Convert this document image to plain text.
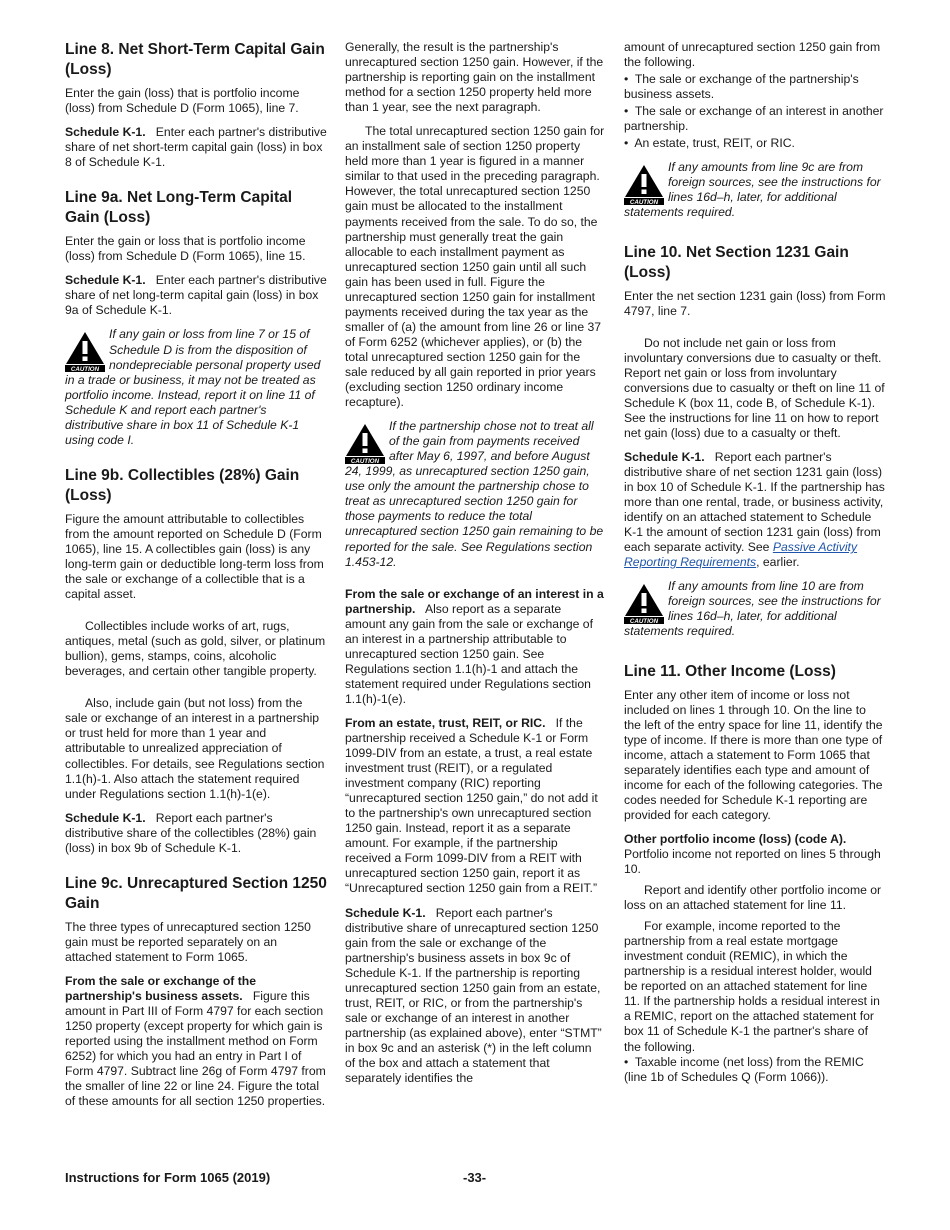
Line 8. Net Short-Term Capital Gain (Loss)

Enter the gain (loss) that is portfolio income (loss) from Schedule D (Form 1065), line 7.

Schedule K-1. Enter each partner's distributive share of net short-term capital gain (loss) in box 8 of Schedule K-1.

Line 9a. Net Long-Term Capital Gain (Loss)

Enter the gain or loss that is portfolio income (loss) from Schedule D (Form 1065), line 15.

Schedule K-1. Enter each partner's distributive share of net long-term capital gain (loss) in box 9a of Schedule K-1.

CAUTION
If any gain or loss from line 7 or 15 of Schedule D is from the disposition of nondepreciable personal property used in a trade or business, it may not be treated as portfolio income. Instead, report it on line 11 of Schedule K and report each partner's distributive share in box 11 of Schedule K-1 using code I.
Line 9b. Collectibles (28%) Gain (Loss)

Figure the amount attributable to collectibles from the amount reported on Schedule D (Form 1065), line 15. A collectibles gain (loss) is any long-term gain or deductible long-term loss from the sale or exchange of a collectible that is a capital asset.

Collectibles include works of art, rugs, antiques, metal (such as gold, silver, or platinum bullion), gems, stamps, coins, alcoholic beverages, and certain other tangible property.

Also, include gain (but not loss) from the sale or exchange of an interest in a partnership or trust held for more than 1 year and attributable to unrealized appreciation of collectibles. For details, see Regulations section 1.1(h)-1. Also attach the statement required under Regulations section 1.1(h)-1(e).

Schedule K-1. Report each partner's distributive share of the collectibles (28%) gain (loss) in box 9b of Schedule K-1.

Line 9c. Unrecaptured Section 1250 Gain

The three types of unrecaptured section 1250 gain must be reported separately on an attached statement to Form 1065.

From the sale or exchange of the partnership's business assets. Figure this amount in Part III of Form 4797 for each section 1250 property (except property for which gain is reported using the installment method on Form 6252) for which you had an entry in Part I of Form 4797. Subtract line 26g of Form 4797 from the smaller of line 22 or line 24. Figure the total of these amounts for all section 1250 properties.

Generally, the result is the partnership's unrecaptured section 1250 gain. However, if the partnership is reporting gain on the installment method for a section 1250 property held more than 1 year, see the next paragraph.

The total unrecaptured section 1250 gain for an installment sale of section 1250 property held more than 1 year is figured in a manner similar to that used in the preceding paragraph. However, the total unrecaptured section 1250 gain must be allocated to the installment payments received from the sale. To do so, the partnership must generally treat the gain allocable to each installment payment as unrecaptured section 1250 gain until all such gain has been used in full. Figure the unrecaptured section 1250 gain for installment payments received during the tax year as the smaller of (a) the amount from line 26 or line 37 of Form 6252 (whichever applies), or (b) the total unrecaptured section 1250 gain for the sale reduced by all gain reported in prior years (excluding section 1250 ordinary income recapture).

CAUTION
If the partnership chose not to treat all of the gain from payments received after May 6, 1997, and before August 24, 1999, as unrecaptured section 1250 gain, use only the amount the partnership chose to treat as unrecaptured section 1250 gain for those payments to reduce the total unrecaptured section 1250 gain remaining to be reported for the sale. See Regulations section 1.453-12.

From the sale or exchange of an interest in a partnership. Also report as a separate amount any gain from the sale or exchange of an interest in a partnership attributable to unrecaptured section 1250 gain. See Regulations section 1.1(h)-1 and attach the statement required under Regulations section 1.1(h)-1(e).

From an estate, trust, REIT, or RIC. If the partnership received a Schedule K-1 or Form 1099-DIV from an estate, a trust, a real estate investment trust (REIT), or a regulated investment company (RIC) reporting “unrecaptured section 1250 gain,” do not add it to the partnership's own unrecaptured section 1250 gain. Instead, report it as a separate amount. For example, if the partnership received a Form 1099-DIV from a REIT with unrecaptured section 1250 gain, report it as “Unrecaptured section 1250 gain from a REIT.”

Schedule K-1. Report each partner's distributive share of unrecaptured section 1250 gain from the sale or exchange of the partnership's business assets in box 9c of Schedule K-1. If the partnership is reporting unrecaptured section 1250 gain from an estate, trust, REIT, or RIC, or from the partnership's sale or exchange of an interest in another partnership (as explained above), enter “STMT” in box 9c and an asterisk (*) in the left column of the box and attach a statement that separately identifies the

amount of unrecaptured section 1250 gain from the following.

•  The sale or exchange of the partnership's business assets.

•  The sale or exchange of an interest in another partnership.

•  An estate, trust, REIT, or RIC.

CAUTION
If any amounts from line 9c are from foreign sources, see the instructions for lines 16d–h, later, for additional statements required.
Line 10. Net Section 1231 Gain (Loss)

Enter the net section 1231 gain (loss) from Form 4797, line 7.

Do not include net gain or loss from involuntary conversions due to casualty or theft. Report net gain or loss from involuntary conversions due to casualty or theft on line 11 of Schedule K (box 11, code B, of Schedule K-1). See the instructions for line 11 on how to report net gain (loss) due to a casualty or theft.

Schedule K-1. Report each partner's distributive share of net section 1231 gain (loss) in box 10 of Schedule K-1. If the partnership has more than one rental, trade, or business activity, identify on an attached statement to Schedule K-1 the amount of section 1231 gain (loss) from each separate activity. See Passive Activity Reporting Requirements, earlier.

CAUTION
If any amounts from line 10 are from foreign sources, see the instructions for lines 16d–h, later, for additional statements required.
Line 11. Other Income (Loss)

Enter any other item of income or loss not included on lines 1 through 10. On the line to the left of the entry space for line 11, identify the type of income. If there is more than one type of income, attach a statement to Form 1065 that separately identifies each type and amount of income for each of the following categories. The codes needed for Schedule K-1 reporting are provided for each category.

Other portfolio income (loss) (code A). Portfolio income not reported on lines 5 through 10.

Report and identify other portfolio income or loss on an attached statement for line 11.

For example, income reported to the partnership from a real estate mortgage investment conduit (REMIC), in which the partnership is a residual interest holder, would be reported on an attached statement for line 11. If the partnership holds a residual interest in a REMIC, report on the attached statement for box 11 of Schedule K-1 the partner's share of the following.

•  Taxable income (net loss) from the REMIC (line 1b of Schedules Q (Form 1066)).

Instructions for Form 1065 (2019)	-33-
